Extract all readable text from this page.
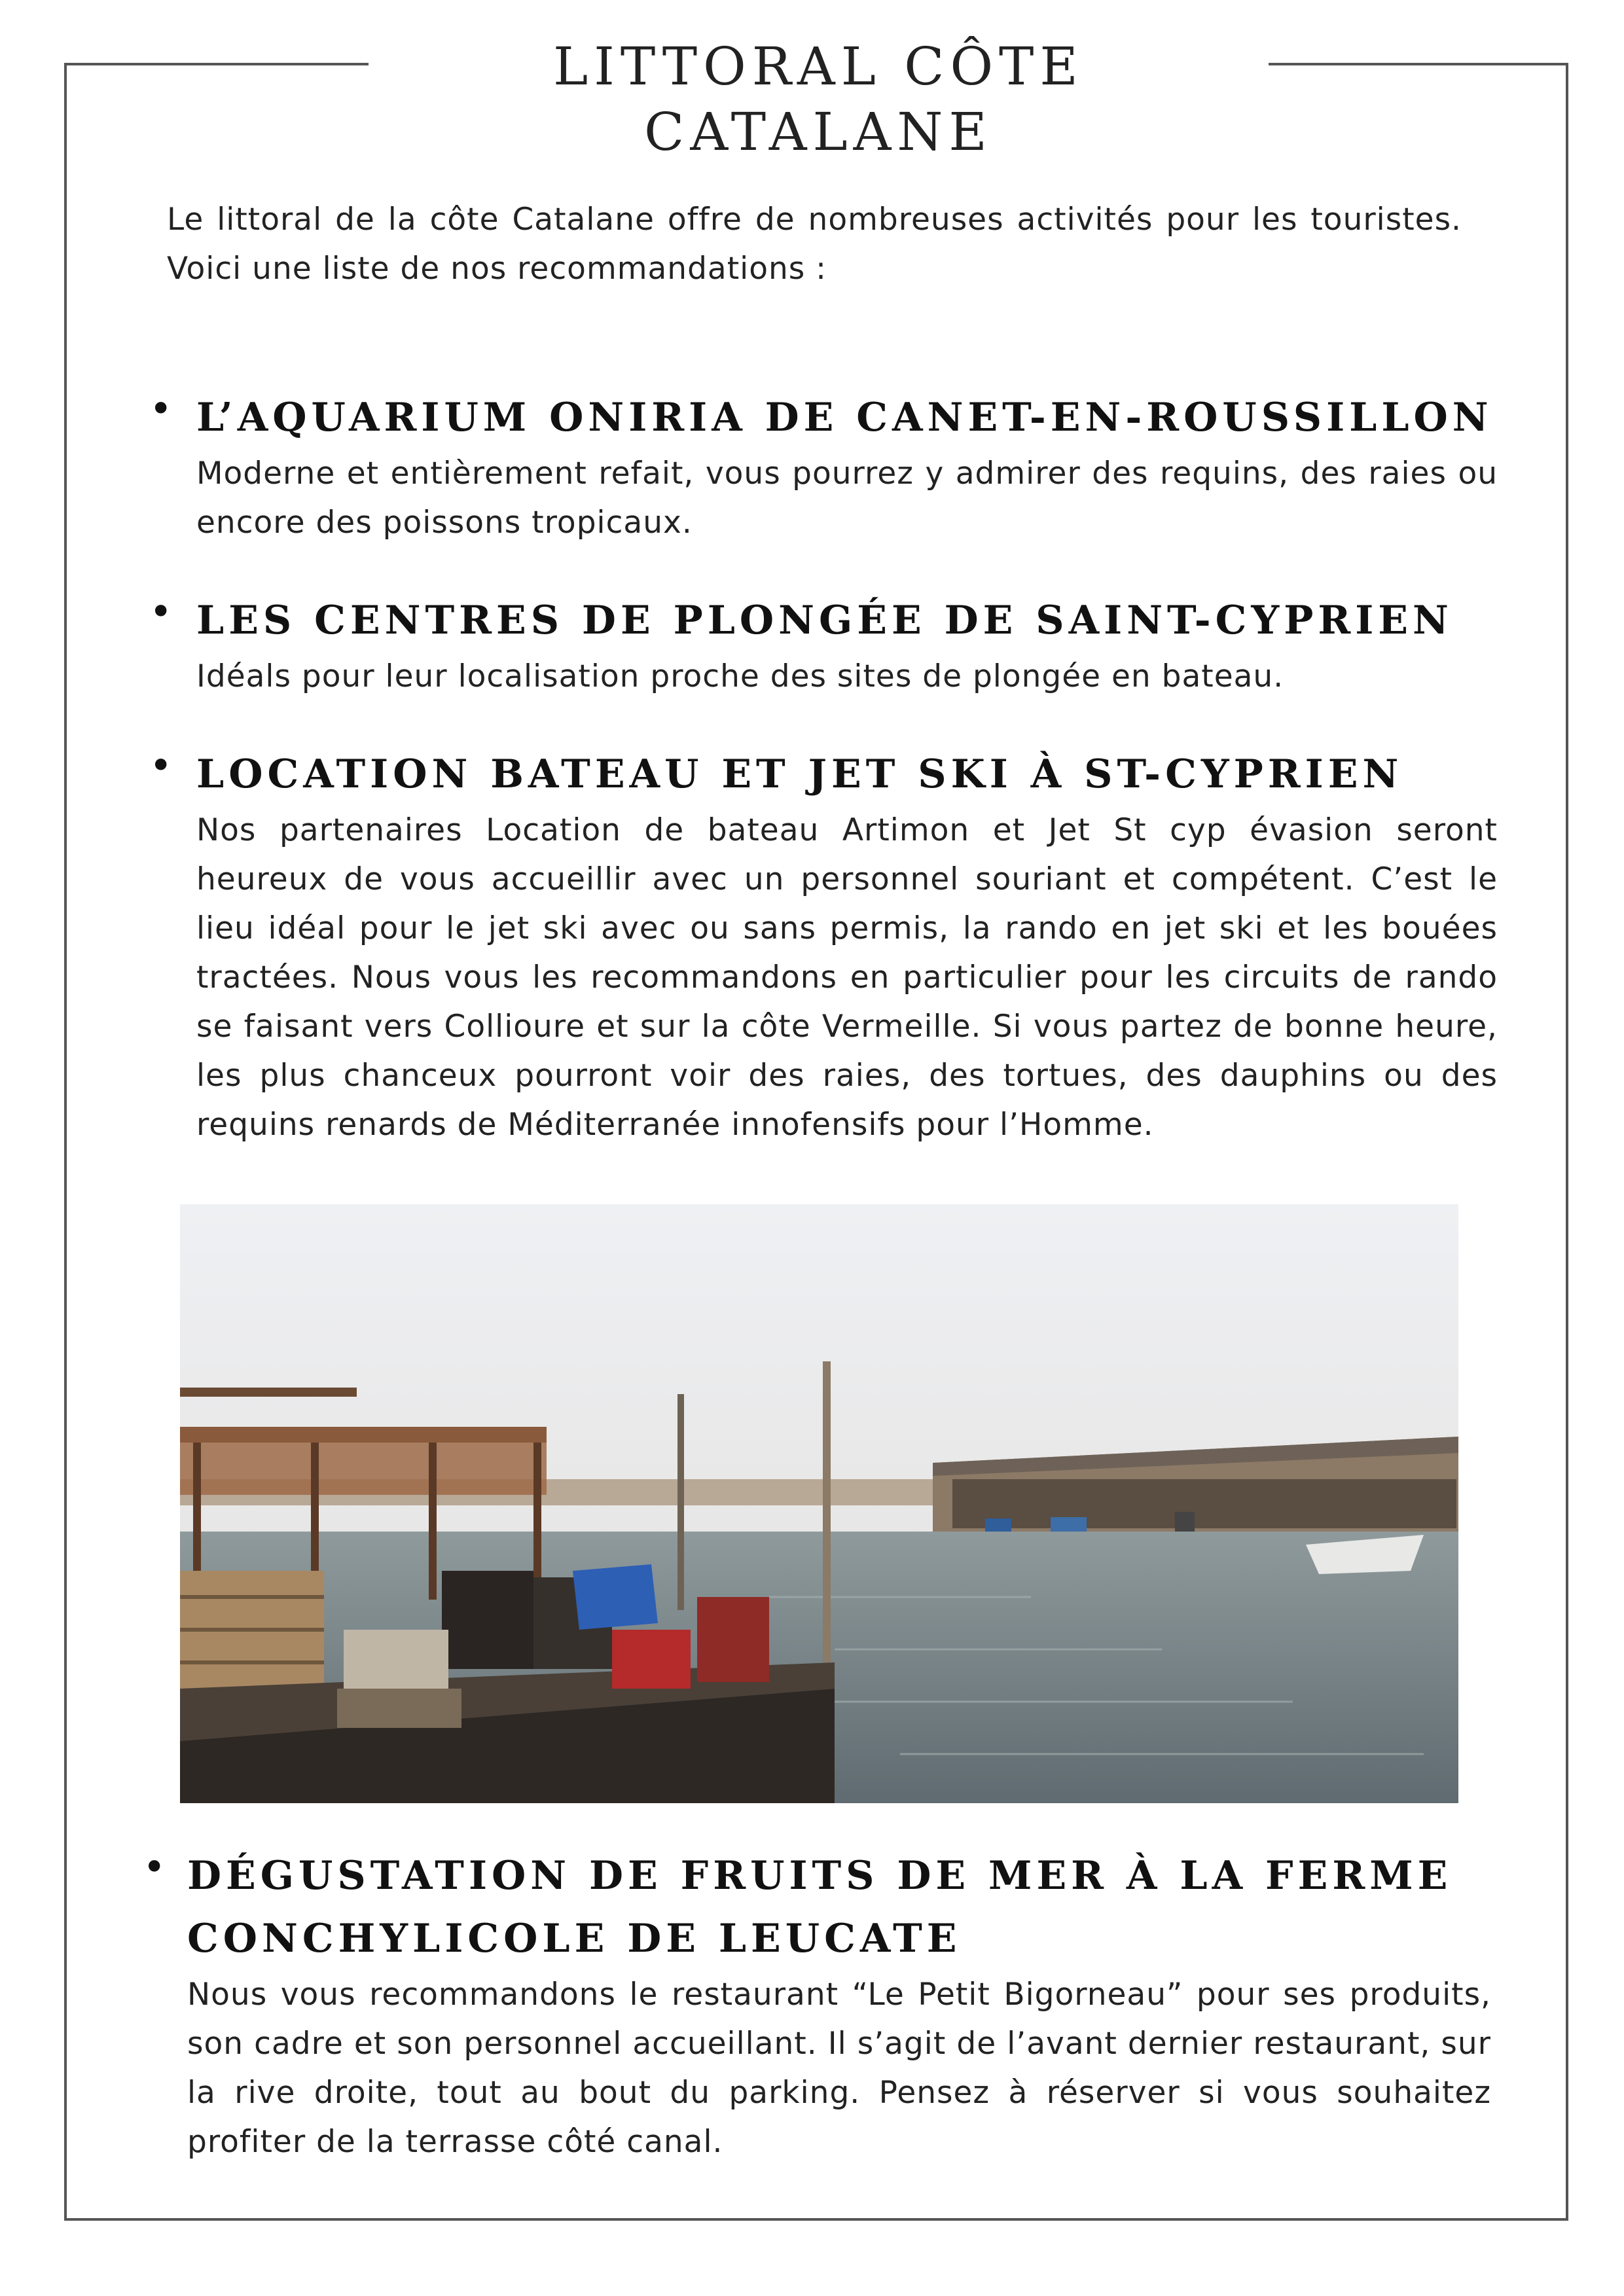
LITTORAL CÔTE CATALANE

Le littoral de la côte Catalane offre de nombreuses activités pour les touristes. Voici une liste de nos recommandations :

• L’AQUARIUM ONIRIA DE CANET-EN-ROUSSILLON

Moderne et entièrement refait, vous pourrez y admirer des requins, des raies ou encore des poissons tropicaux.

• LES CENTRES DE PLONGÉE DE SAINT-CYPRIEN

Idéals pour leur localisation proche des sites de plongée en bateau.

• LOCATION BATEAU ET JET SKI À ST-CYPRIEN

Nos partenaires Location de bateau Artimon et Jet St cyp évasion seront heureux de vous accueillir avec un personnel souriant et compétent. C’est le lieu idéal pour le jet ski avec ou sans permis, la rando en jet ski et les bouées tractées. Nous vous les recommandons en particulier pour les circuits de rando se faisant vers Collioure et sur la côte Vermeille. Si vous partez de bonne heure, les plus chanceux pourront voir des raies, des tortues, des dauphins ou des requins renards de Méditerranée innofensifs pour l’Homme.

• DÉGUSTATION DE FRUITS DE MER À LA FERME CONCHYLICOLE DE LEUCATE

Nous vous recommandons le restaurant “Le Petit Bigorneau” pour ses produits, son cadre et son personnel accueillant. Il s’agit de l’avant dernier restaurant, sur la rive droite, tout au bout du parking. Pensez à réserver si vous souhaitez profiter de la terrasse côté canal.
